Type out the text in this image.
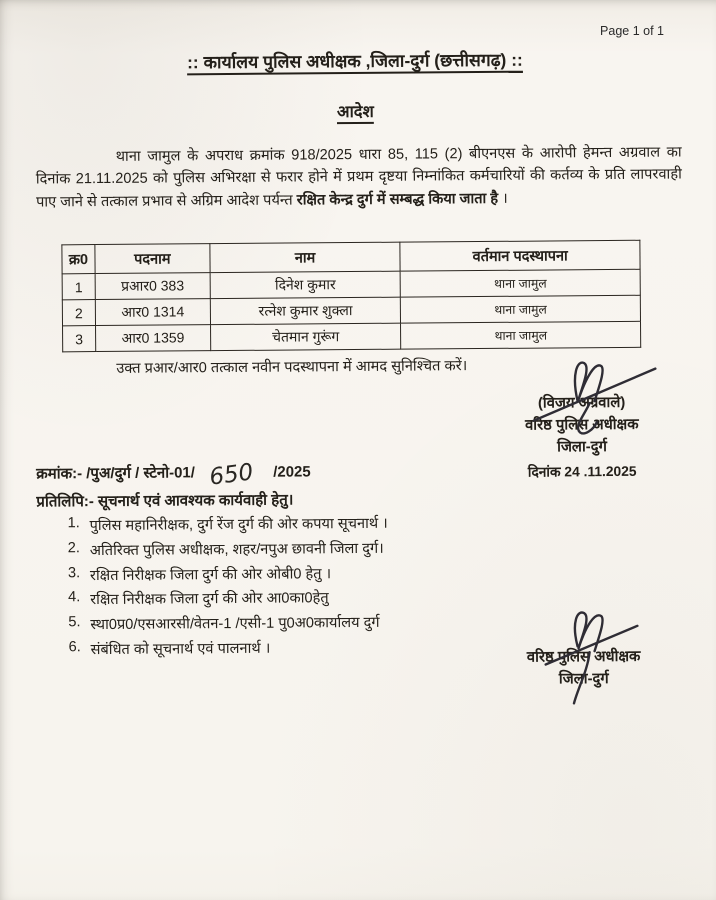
Page 1 of 1
:: कार्यालय पुलिस अधीक्षक ,जिला-दुर्ग (छत्तीसगढ़) ::
आदेश

थाना जामुल के अपराध क्रमांक 918/2025 धारा 85, 115 (2) बीएनएस के आरोपी हेमन्त अग्रवाल का दिनांक 21.11.2025 को पुलिस अभिरक्षा से फरार होने में प्रथम दृष्टया निम्नांकित कर्मचारियों की कर्तव्य के प्रति लापरवाही पाए जाने से तत्काल प्रभाव से अग्रिम आदेश पर्यन्त रक्षित केन्द्र दुर्ग में सम्बद्ध किया जाता है ।

क्र0	पदनाम	नाम	वर्तमान पदस्थापना
1	प्रआर0 383	दिनेश कुमार	थाना जामुल
2	आर0 1314	रत्नेश कुमार शुक्ला	थाना जामुल
3	आर0 1359	चेतमान गुरूंग	थाना जामुल
उक्त प्रआर/आर0 तत्काल नवीन पदस्थापना में आमद सुनिश्चित करें।
(विजय अग्रवाले)
वरिष्ठ पुलिस अधीक्षक
जिला-दुर्ग
दिनांक 24 .11.2025
क्रमांक:- /पुअ/दुर्ग / स्टेनो-01/ 650 /2025
प्रतिलिपि:- सूचनार्थ एवं आवश्यक कार्यवाही हेतु।
1. पुलिस महानिरीक्षक, दुर्ग रेंज दुर्ग की ओर कपया सूचनार्थ ।
2. अतिरिक्त पुलिस अधीक्षक, शहर/नपुअ छावनी जिला दुर्ग।
3. रक्षित निरीक्षक जिला दुर्ग की ओर ओबी0 हेतु ।
4. रक्षित निरीक्षक जिला दुर्ग की ओर आ0का0हेतु
5. स्था0प्र0/एसआरसी/वेतन-1 /एसी-1 पु0अ0कार्यालय दुर्ग
6. संबंधित को सूचनार्थ एवं पालनार्थ ।	वरिष्ठ पुलिस अधीक्षक
जिला-दुर्ग
